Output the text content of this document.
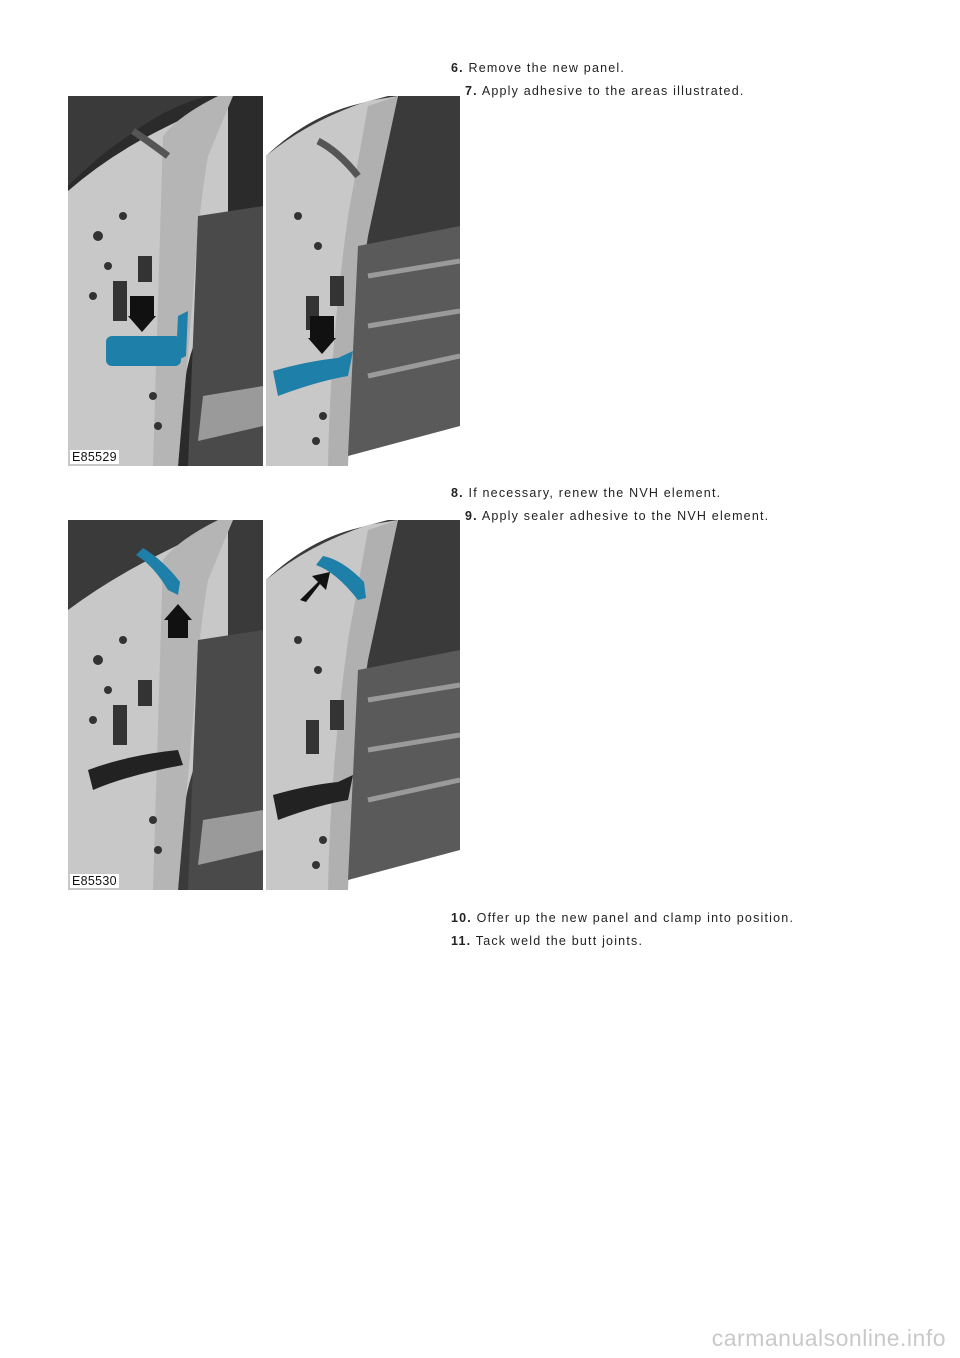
6. Remove the new panel.
7. Apply adhesive to the areas illustrated.
E85529
8. If necessary, renew the NVH element.
9. Apply sealer adhesive to the NVH element.
E85530
10. Offer up the new panel and clamp into position.
11. Tack weld the butt joints.
carmanualsonline.info
